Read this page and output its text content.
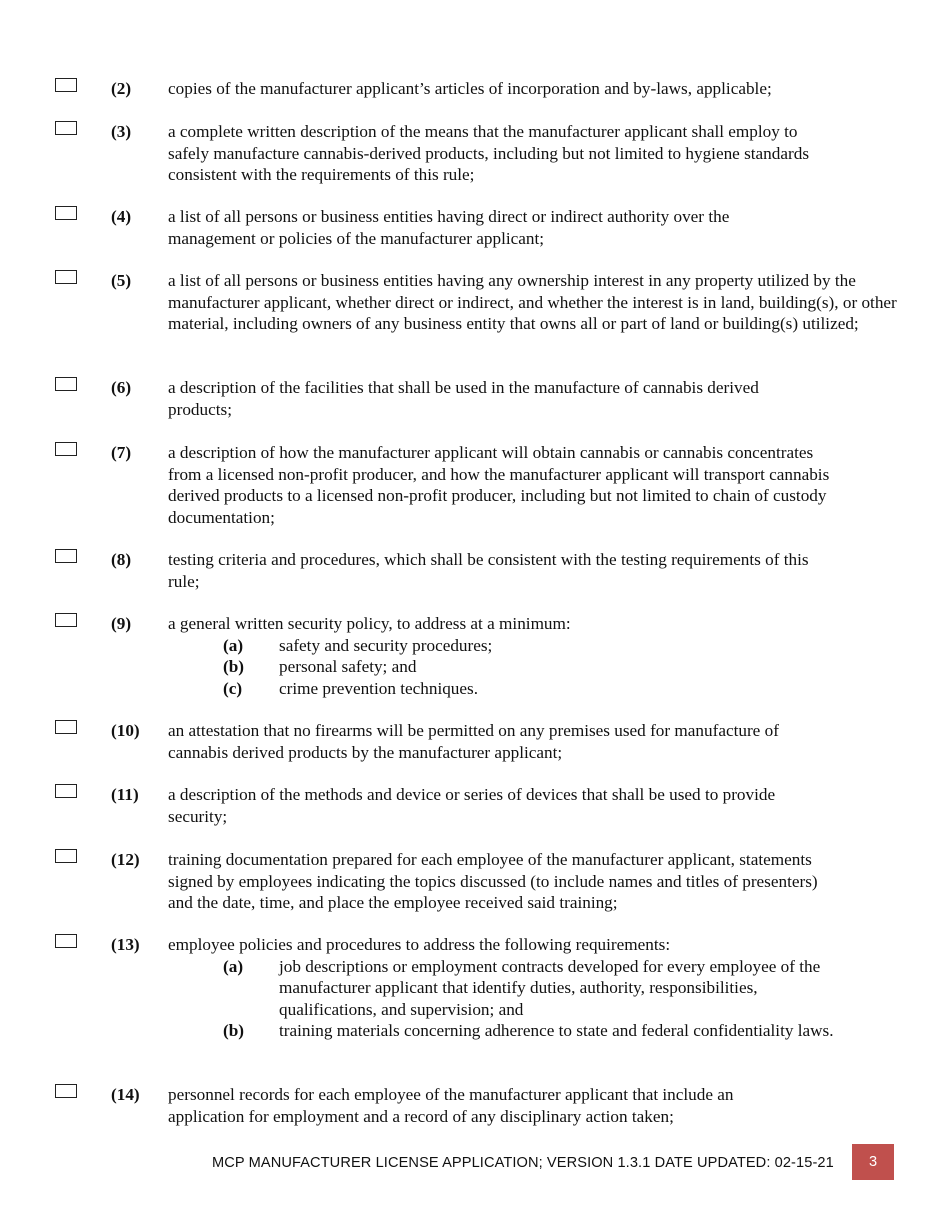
(2) copies of the manufacturer applicant’s articles of incorporation and by-laws, applicable;
(3) a complete written description of the means that the manufacturer applicant shall employ to safely manufacture cannabis-derived products, including but not limited to hygiene standards consistent with the requirements of this rule;
(4) a list of all persons or business entities having direct or indirect authority over the management or policies of the manufacturer applicant;
(5) a list of all persons or business entities having any ownership interest in any property utilized by the manufacturer applicant, whether direct or indirect, and whether the interest is in land, building(s), or other material, including owners of any business entity that owns all or part of land or building(s) utilized;
(6) a description of the facilities that shall be used in the manufacture of cannabis derived products;
(7) a description of how the manufacturer applicant will obtain cannabis or cannabis concentrates from a licensed non-profit producer, and how the manufacturer applicant will transport cannabis derived products to a licensed non-profit producer, including but not limited to chain of custody documentation;
(8) testing criteria and procedures, which shall be consistent with the testing requirements of this rule;
(9) a general written security policy, to address at a minimum:
(a) safety and security procedures;
(b) personal safety; and
(c) crime prevention techniques.
(10) an attestation that no firearms will be permitted on any premises used for manufacture of cannabis derived products by the manufacturer applicant;
(11) a description of the methods and device or series of devices that shall be used to provide security;
(12) training documentation prepared for each employee of the manufacturer applicant, statements signed by employees indicating the topics discussed (to include names and titles of presenters) and the date, time, and place the employee received said training;
(13) employee policies and procedures to address the following requirements:
(a) job descriptions or employment contracts developed for every employee of the manufacturer applicant that identify duties, authority, responsibilities, qualifications, and supervision; and
(b) training materials concerning adherence to state and federal confidentiality laws.
(14) personnel records for each employee of the manufacturer applicant that include an application for employment and a record of any disciplinary action taken;
MCP MANUFACTURER LICENSE APPLICATION; VERSION 1.3.1 DATE UPDATED: 02-15-21	3
